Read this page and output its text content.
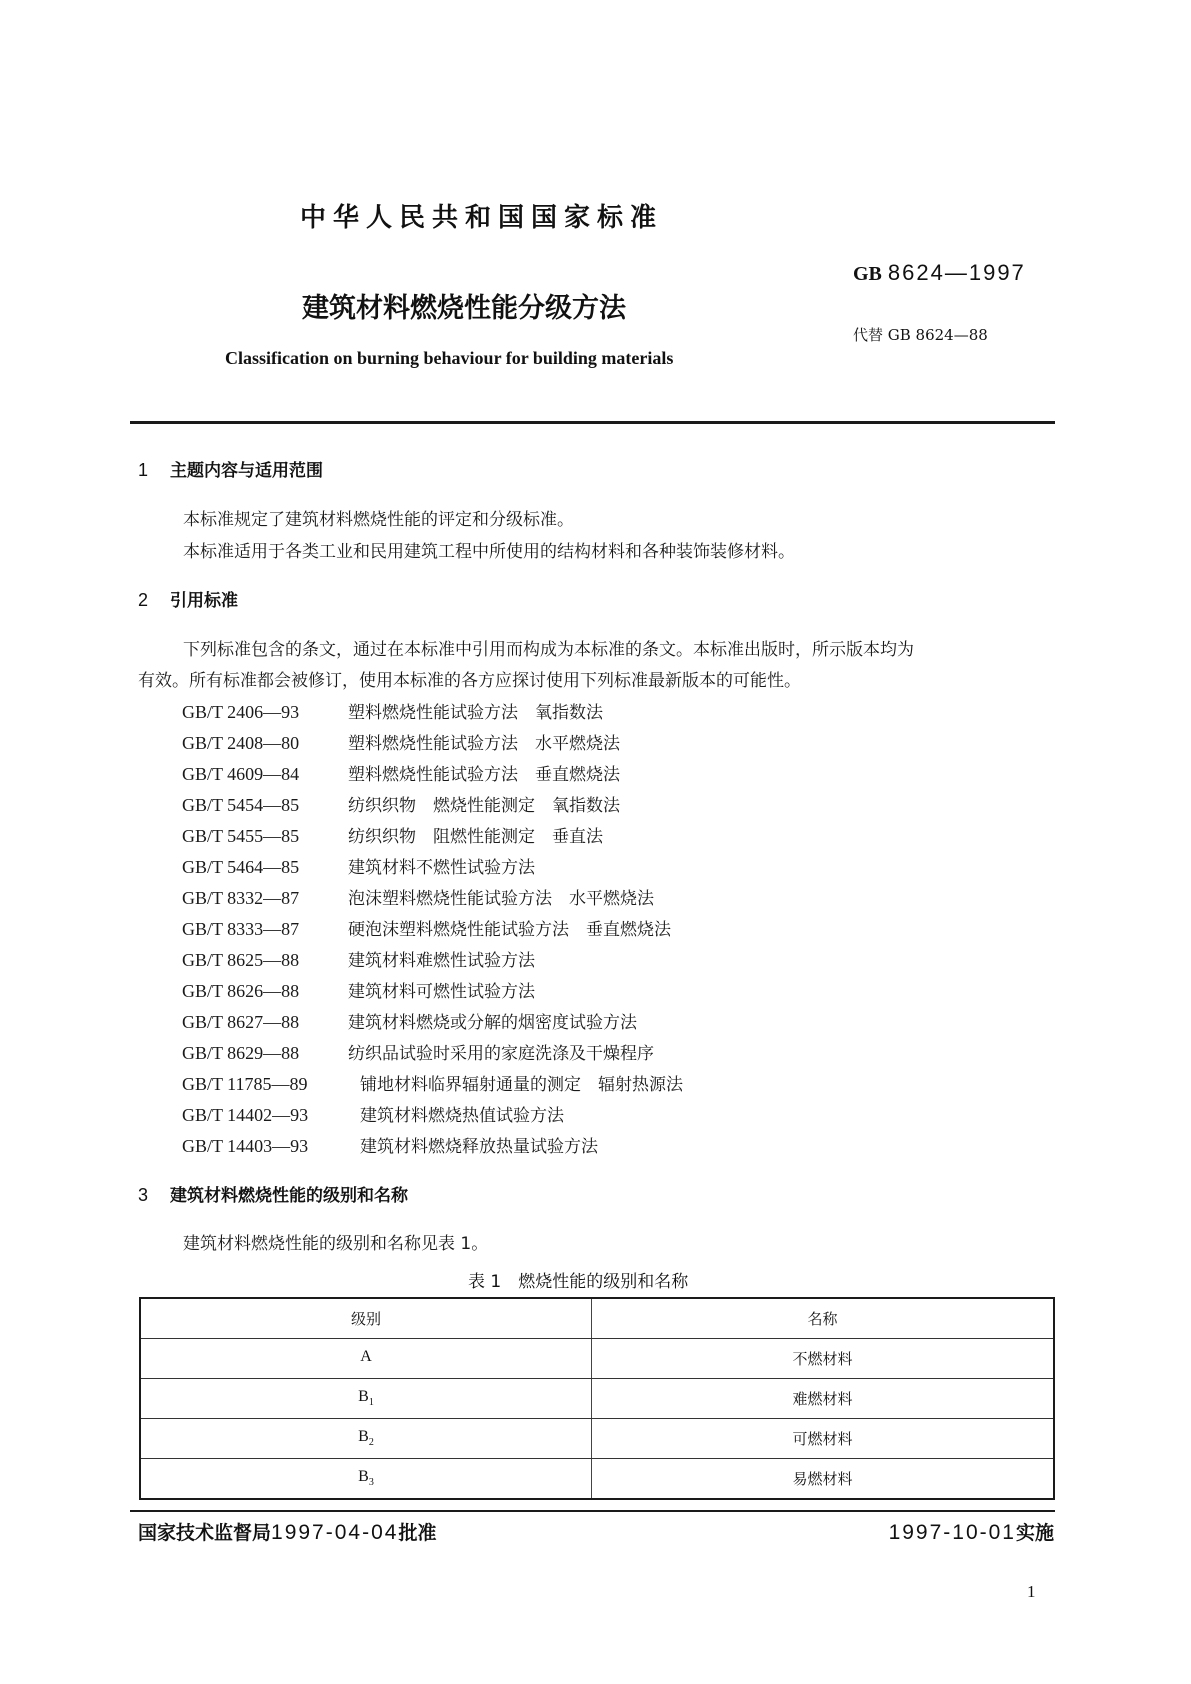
中华人民共和国国家标准
GB 8624—1997
建筑材料燃烧性能分级方法
代替 GB 8624—88
Classification on burning behaviour for building materials
1 主题内容与适用范围
本标准规定了建筑材料燃烧性能的评定和分级标准。
本标准适用于各类工业和民用建筑工程中所使用的结构材料和各种装饰装修材料。
2 引用标准
下列标准包含的条文，通过在本标准中引用而构成为本标准的条文。本标准出版时，所示版本均为
有效。所有标准都会被修订，使用本标准的各方应探讨使用下列标准最新版本的可能性。
GB/T 2406—93	塑料燃烧性能试验方法　氧指数法
GB/T 2408—80	塑料燃烧性能试验方法　水平燃烧法
GB/T 4609—84	塑料燃烧性能试验方法　垂直燃烧法
GB/T 5454—85	纺织织物　燃烧性能测定　氧指数法
GB/T 5455—85	纺织织物　阻燃性能测定　垂直法
GB/T 5464—85	建筑材料不燃性试验方法
GB/T 8332—87	泡沫塑料燃烧性能试验方法　水平燃烧法
GB/T 8333—87	硬泡沫塑料燃烧性能试验方法　垂直燃烧法
GB/T 8625—88	建筑材料难燃性试验方法
GB/T 8626—88	建筑材料可燃性试验方法
GB/T 8627—88	建筑材料燃烧或分解的烟密度试验方法
GB/T 8629—88	纺织品试验时采用的家庭洗涤及干燥程序
GB/T 11785—89	铺地材料临界辐射通量的测定　辐射热源法
GB/T 14402—93	建筑材料燃烧热值试验方法
GB/T 14403—93	建筑材料燃烧释放热量试验方法
3 建筑材料燃烧性能的级别和名称
建筑材料燃烧性能的级别和名称见表 1。
表 1　燃烧性能的级别和名称
级别	名称
A	不燃材料
$B_1$	难燃材料
$B_2$	可燃材料
$B_3$	易燃材料
国家技术监督局1997-04-04批准	1997-10-01实施
1
